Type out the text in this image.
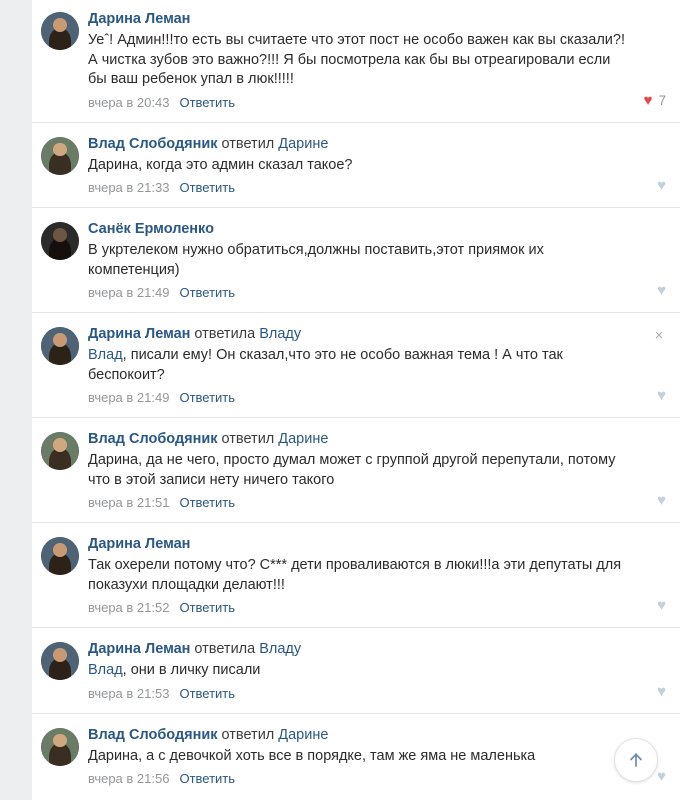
Дарина Леман
Уеˆ! Админ!!!то есть вы считаете что этот пост не особо важен как вы сказали?! А чистка зубов это важно?!!! Я бы посмотрела как бы вы отреагировали если бы ваш ребенок упал в люк!!!!!
вчера в 20:43 Ответить	♥ 7
Влад Слободяник ответил Дарине
Дарина, когда это админ сказал такое?
вчера в 21:33 Ответить	♥
Санёк Ермоленко
В укртелеком нужно обратиться,должны поставить,этот приямок их компетенция)
вчера в 21:49 Ответить	♥
Дарина Леман ответила Владу
Влад, писали ему! Он сказал,что это не особо важная тема ! А что так беспокоит?
вчера в 21:49 Ответить	♥
×
Влад Слободяник ответил Дарине
Дарина, да не чего, просто думал может с группой другой перепутали, потому что в этой записи нету ничего такого
вчера в 21:51 Ответить	♥
Дарина Леман
Так охерели потому что? С*** дети проваливаются в люки!!!а эти депутаты для показухи площадки делают!!!
вчера в 21:52 Ответить	♥
Дарина Леман ответила Владу
Влад, они в личку писали
вчера в 21:53 Ответить	♥
Влад Слободяник ответил Дарине
Дарина, а с девочкой хоть все в порядке, там же яма не маленька
вчера в 21:56 Ответить	♥
